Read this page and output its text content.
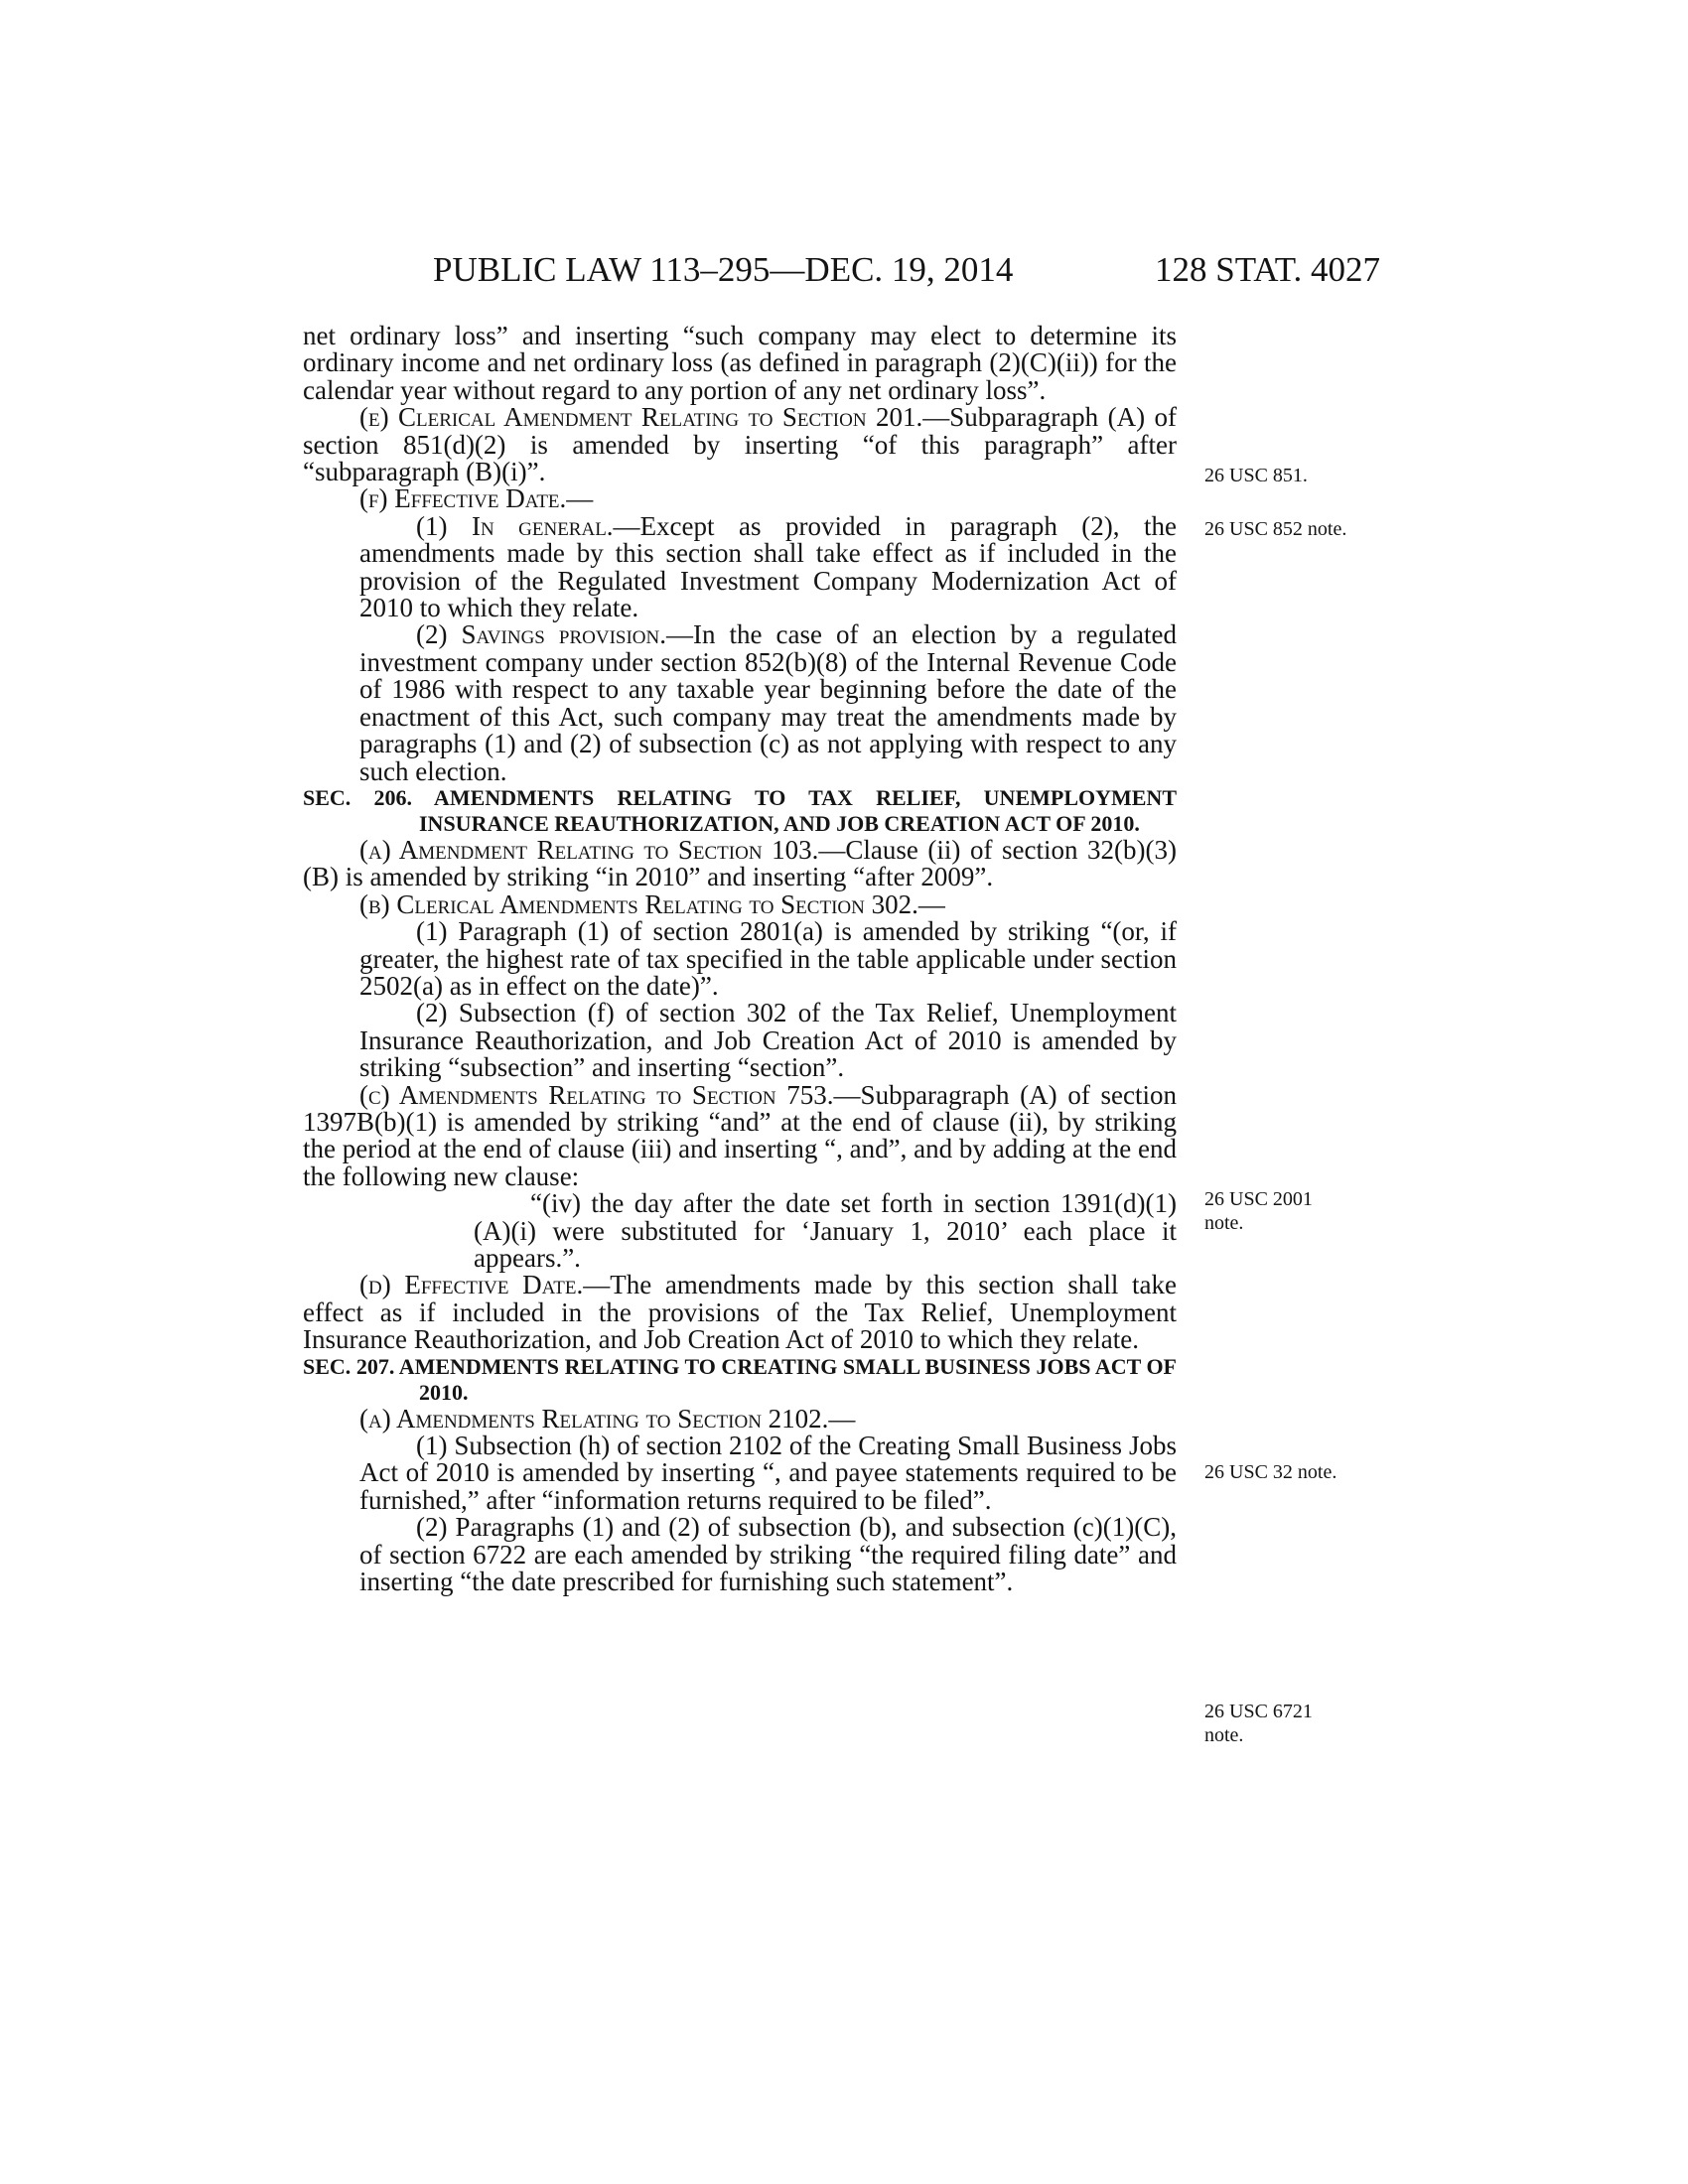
PUBLIC LAW 113–295—DEC. 19, 2014	128 STAT. 4027

net ordinary loss” and inserting “such company may elect to determine its ordinary income and net ordinary loss (as defined in paragraph (2)(C)(ii)) for the calendar year without regard to any portion of any net ordinary loss”.

(e) Clerical Amendment Relating to Section 201.—Subparagraph (A) of section 851(d)(2) is amended by inserting “of this paragraph” after “subparagraph (B)(i)”.

(f) Effective Date.—

(1) In general.—Except as provided in paragraph (2), the amendments made by this section shall take effect as if included in the provision of the Regulated Investment Company Modernization Act of 2010 to which they relate.

(2) Savings provision.—In the case of an election by a regulated investment company under section 852(b)(8) of the Internal Revenue Code of 1986 with respect to any taxable year beginning before the date of the enactment of this Act, such company may treat the amendments made by paragraphs (1) and (2) of subsection (c) as not applying with respect to any such election.

SEC. 206. AMENDMENTS RELATING TO TAX RELIEF, UNEMPLOYMENT INSURANCE REAUTHORIZATION, AND JOB CREATION ACT OF 2010.

(a) Amendment Relating to Section 103.—Clause (ii) of section 32(b)(3)(B) is amended by striking “in 2010” and inserting “after 2009”.

(b) Clerical Amendments Relating to Section 302.—

(1) Paragraph (1) of section 2801(a) is amended by striking “(or, if greater, the highest rate of tax specified in the table applicable under section 2502(a) as in effect on the date)”.

(2) Subsection (f) of section 302 of the Tax Relief, Unemployment Insurance Reauthorization, and Job Creation Act of 2010 is amended by striking “subsection” and inserting “section”.

(c) Amendments Relating to Section 753.—Subparagraph (A) of section 1397B(b)(1) is amended by striking “and” at the end of clause (ii), by striking the period at the end of clause (iii) and inserting “, and”, and by adding at the end the following new clause:

“(iv) the day after the date set forth in section 1391(d)(1)(A)(i) were substituted for ‘January 1, 2010’ each place it appears.”.

(d) Effective Date.—The amendments made by this section shall take effect as if included in the provisions of the Tax Relief, Unemployment Insurance Reauthorization, and Job Creation Act of 2010 to which they relate.

SEC. 207. AMENDMENTS RELATING TO CREATING SMALL BUSINESS JOBS ACT OF 2010.

(a) Amendments Relating to Section 2102.—

(1) Subsection (h) of section 2102 of the Creating Small Business Jobs Act of 2010 is amended by inserting “, and payee statements required to be furnished,” after “information returns required to be filed”.

(2) Paragraphs (1) and (2) of subsection (b), and subsection (c)(1)(C), of section 6722 are each amended by striking “the required filing date” and inserting “the date prescribed for furnishing such statement”.

26 USC 851.
26 USC 852 note.
26 USC 2001
note.
26 USC 32 note.
26 USC 6721
note.
